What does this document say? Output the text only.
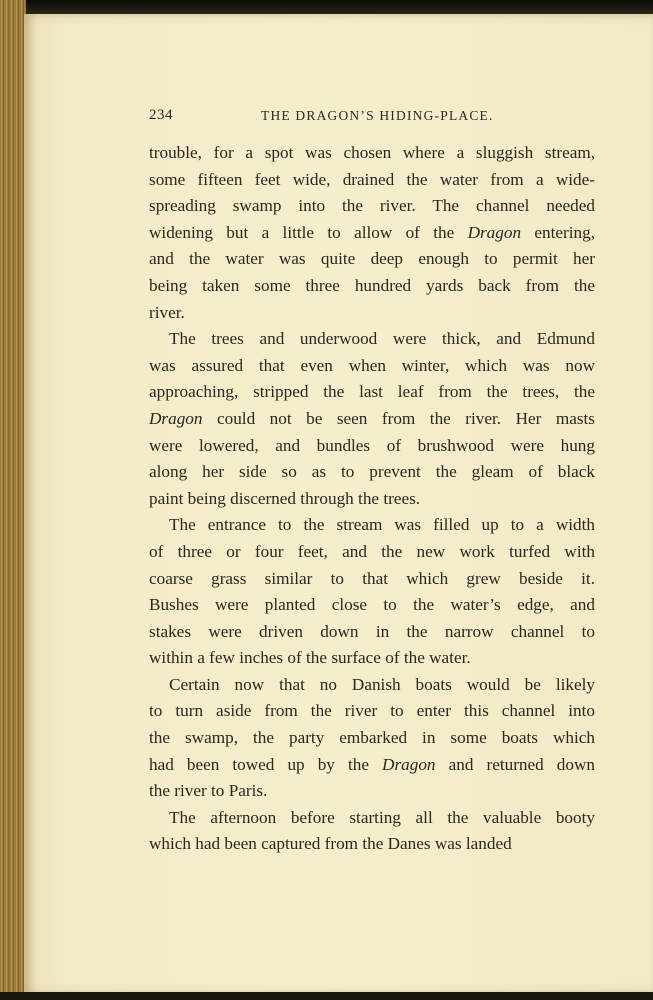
234	THE DRAGON’S HIDING-PLACE.
trouble, for a spot was chosen where a sluggish stream,
some fifteen feet wide, drained the water from a wide-
spreading swamp into the river. The channel needed
widening but a little to allow of the Dragon entering,
and the water was quite deep enough to permit her
being taken some three hundred yards back from the
river.
The trees and underwood were thick, and Edmund
was assured that even when winter, which was now
approaching, stripped the last leaf from the trees, the
Dragon could not be seen from the river. Her masts
were lowered, and bundles of brushwood were hung
along her side so as to prevent the gleam of black
paint being discerned through the trees.
The entrance to the stream was filled up to a width
of three or four feet, and the new work turfed with
coarse grass similar to that which grew beside it.
Bushes were planted close to the water’s edge, and
stakes were driven down in the narrow channel to
within a few inches of the surface of the water.
Certain now that no Danish boats would be likely
to turn aside from the river to enter this channel into
the swamp, the party embarked in some boats which
had been towed up by the Dragon and returned down
the river to Paris.
The afternoon before starting all the valuable booty
which had been captured from the Danes was landed
